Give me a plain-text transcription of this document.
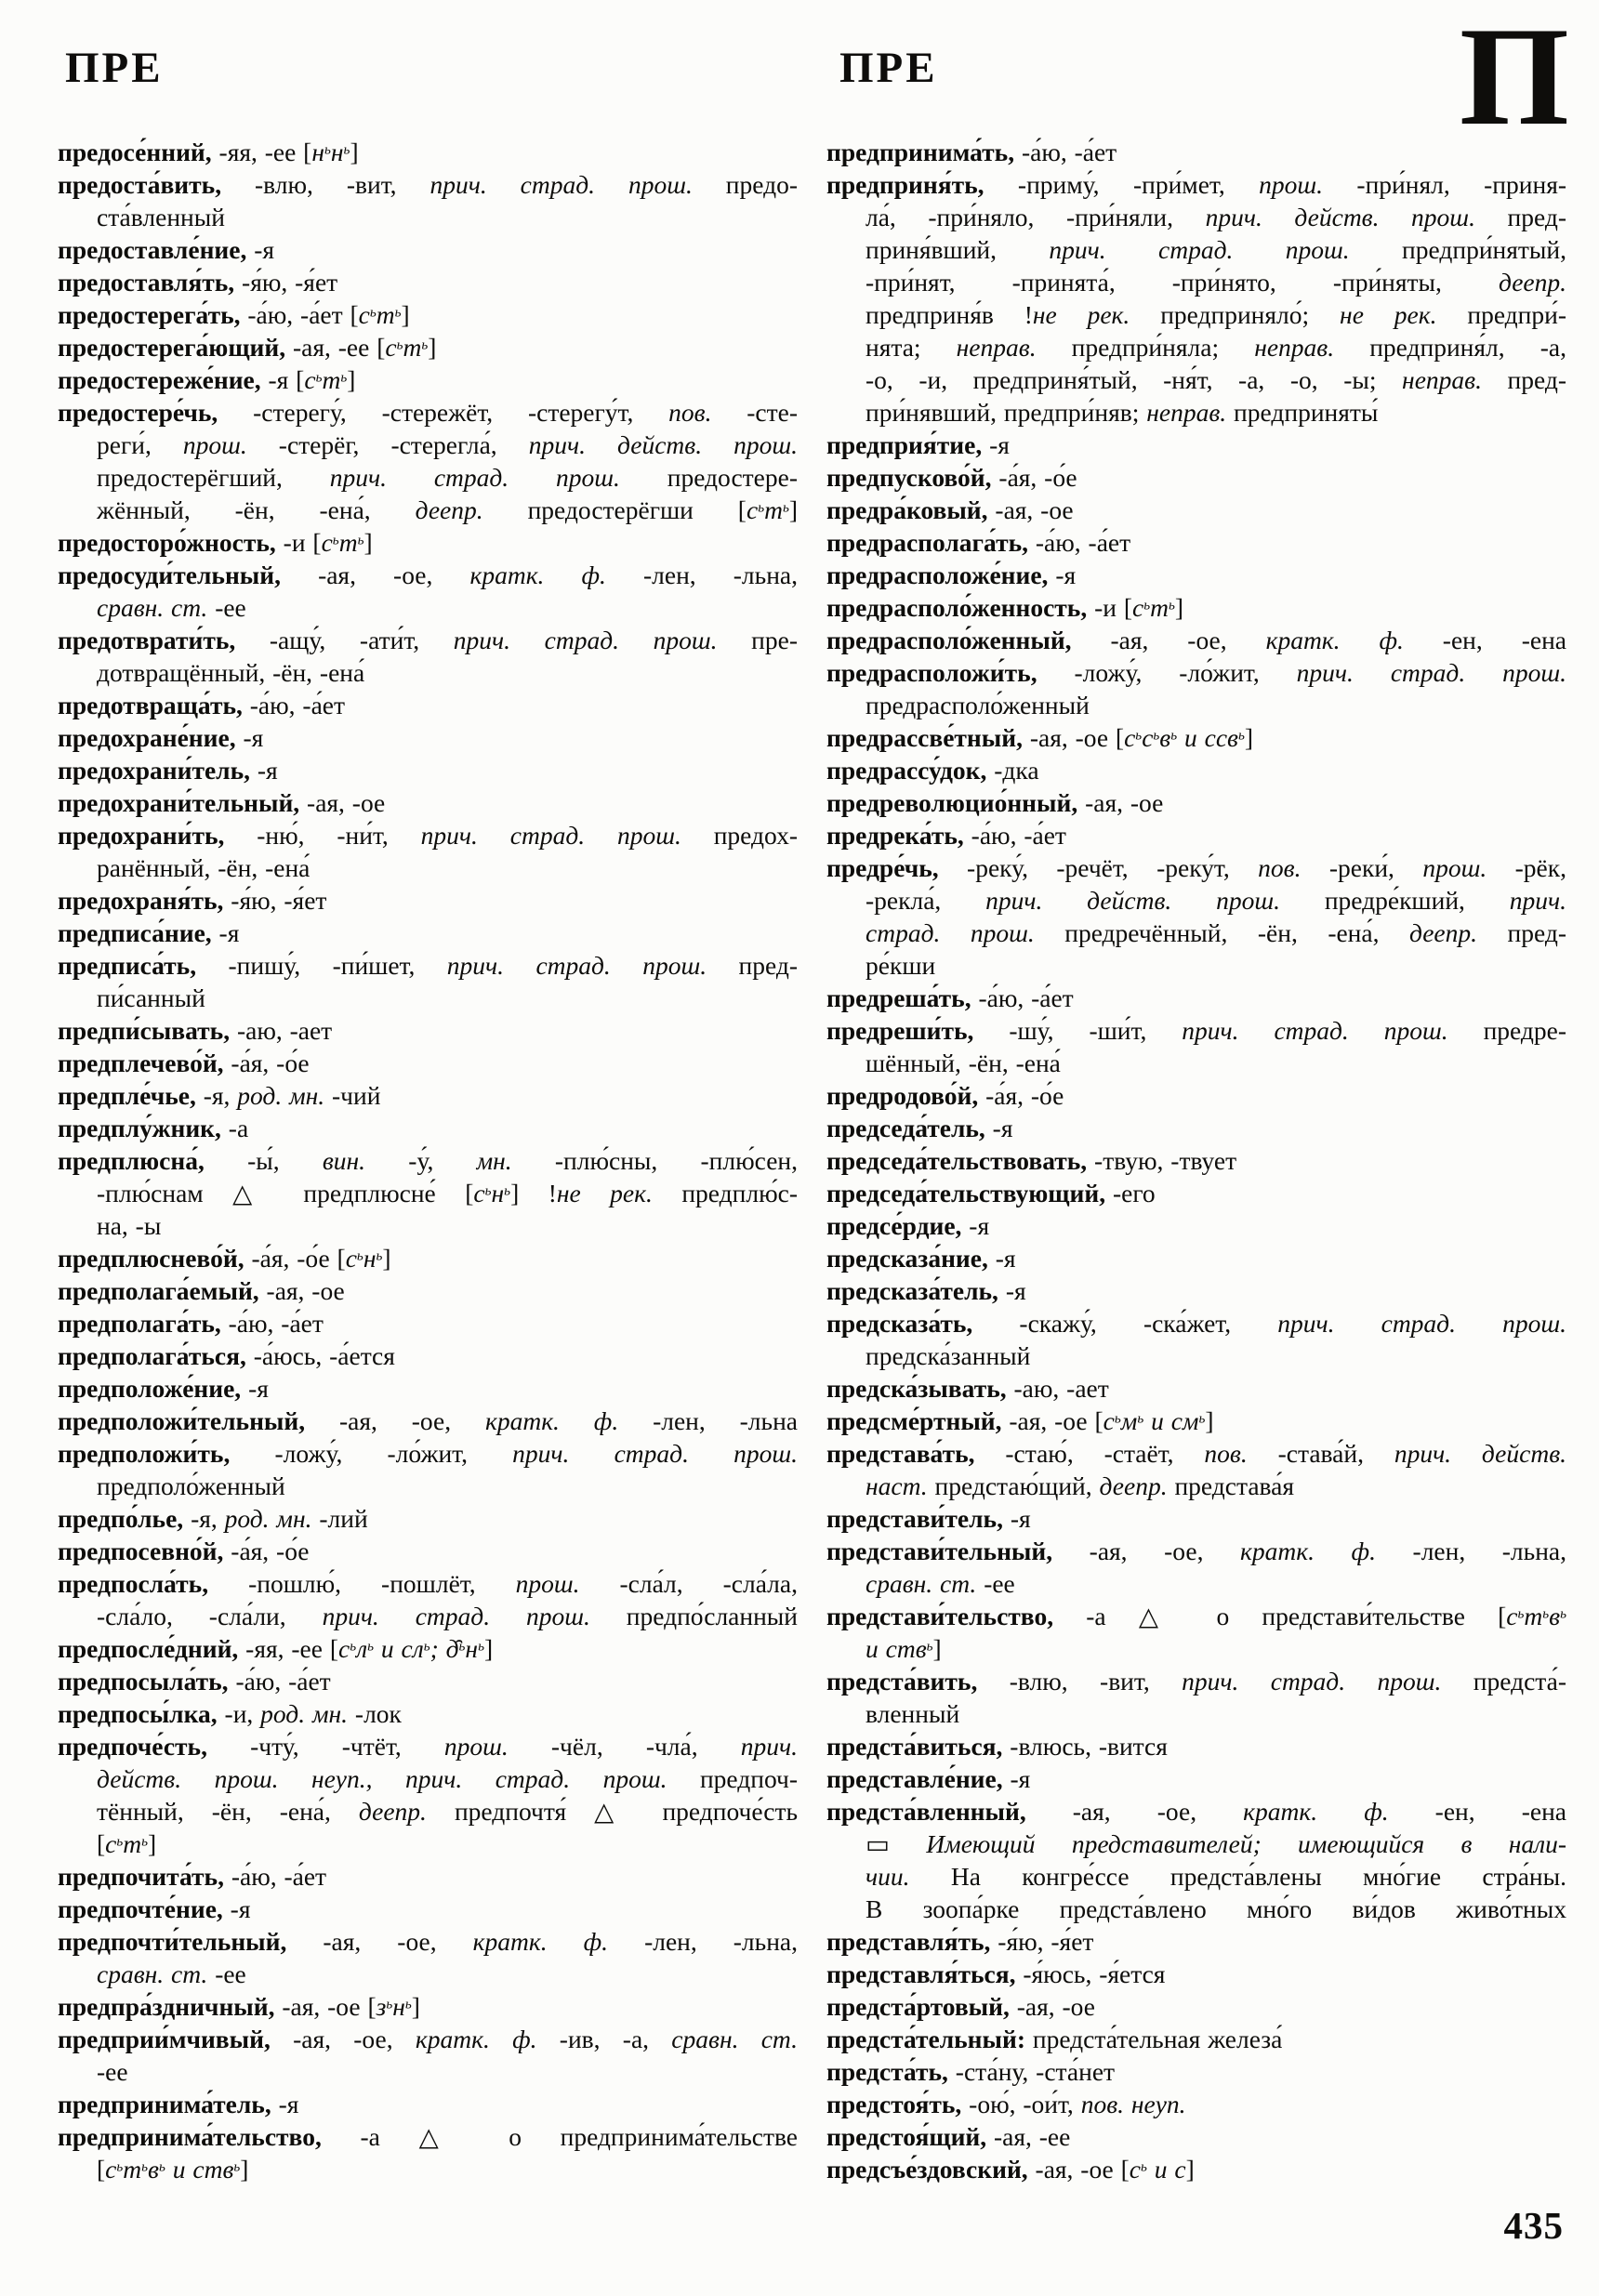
ПРЕ	ПРЕ	П
предосе́нний, -яя, -ее $[н^ьн^ь]$
предоста́вить, -влю, -вит, прич. страд. прош. предо-
ста́вленный
предоставле́ние, -я
предоставля́ть, -я́ю, -я́ет
предостерега́ть, -а́ю, -а́ет $[с^ьт^ь]$
предостерега́ющий, -ая, -ее $[с^ьт^ь]$
предостереже́ние, -я $[с^ьт^ь]$
предостере́чь, -стерегу́, -стережёт, -стерегу́т, пов. -сте-
реги́, прош. -стерёг, -стерегла́, прич. действ. прош.
предостерёгший, прич. страд. прош. предостере-
жённый, -ён, -ена́, деепр. предостерёгши $[с^ьт^ь]$
предосторо́жность, -и $[с^ьт^ь]$
предосуди́тельный, -ая, -ое, кратк. ф. -лен, -льна,
сравн. ст. -ее
предотврати́ть, -ащу́, -ати́т, прич. страд. прош. пре-
дотвращённый, -ён, -ена́
предотвраща́ть, -а́ю, -а́ет
предохране́ние, -я
предохрани́тель, -я
предохрани́тельный, -ая, -ое
предохрани́ть, -ню́, -ни́т, прич. страд. прош. предох-
ранённый, -ён, -ена́
предохраня́ть, -я́ю, -я́ет
предписа́ние, -я
предписа́ть, -пишу́, -пи́шет, прич. страд. прош. пред-
пи́санный
предпи́сывать, -аю, -ает
предплечево́й, -а́я, -о́е
предпле́чье, -я, род. мн. -чий
предплу́жник, -а
предплюсна́, -ы́, вин. -у́, мн. -плю́сны, -плю́сен,
-плю́снам △ предплюсне́ $[с^ьн^ь]$ !не рек. предплю́с-
на, -ы
предплюснево́й, -а́я, -о́е $[с^ьн^ь]$
предполага́емый, -ая, -ое
предполага́ть, -а́ю, -а́ет
предполага́ться, -а́юсь, -а́ется
предположе́ние, -я
предположи́тельный, -ая, -ое, кратк. ф. -лен, -льна
предположи́ть, -ложу́, -ло́жит, прич. страд. прош.
предполо́женный
предпо́лье, -я, род. мн. -лий
предпосевно́й, -а́я, -о́е
предпосла́ть, -пошлю́, -пошлёт, прош. -сла́л, -сла́ла,
-сла́ло, -сла́ли, прич. страд. прош. предпо́сланный
предпосле́дний, -яя, -ее [$с^ьл^ь$ и $сл^ь$; $д̑^ьн^ь$]
предпосыла́ть, -а́ю, -а́ет
предпосы́лка, -и, род. мн. -лок
предпоче́сть, -чту́, -чтёт, прош. -чёл, -чла́, прич.
действ. прош. неуп., прич. страд. прош. предпоч-
тённый, -ён, -ена́, деепр. предпочтя́ △ предпоче́сть
$[с^ьт^ь]$
предпочита́ть, -а́ю, -а́ет
предпочте́ние, -я
предпочти́тельный, -ая, -ое, кратк. ф. -лен, -льна,
сравн. ст. -ее
предпра́здничный, -ая, -ое $[з^ьн^ь]$
предприи́мчивый, -ая, -ое, кратк. ф. -ив, -а, сравн. ст.
-ее
предпринима́тель, -я
предпринима́тельство, -а △ о предпринима́тельстве
[$с^ьт^ьв^ь$ и ств$^ь$]
предпринима́ть, -а́ю, -а́ет
предприня́ть, -приму́, -при́мет, прош. -при́нял, -приня-
ла́, -при́няло, -при́няли, прич. действ. прош. пред-
приня́вший, прич. страд. прош. предпри́нятый,
-при́нят, -принята́, -при́нято, -при́няты, деепр.
предприня́в !не рек. предприняло́; не рек. предпри́-
нята; неправ. предпри́няла; неправ. предприня́л, -а,
-о, -и, предприня́тый, -ня́т, -а, -о, -ы; неправ. пред-
при́нявший, предпри́няв; неправ. предприняты́
предприя́тие, -я
предпусково́й, -а́я, -о́е
предра́ковый, -ая, -ое
предрасполага́ть, -а́ю, -а́ет
предрасположе́ние, -я
предрасполо́женность, -и $[с^ьт^ь]$
предрасполо́женный, -ая, -ое, кратк. ф. -ен, -ена
предрасположи́ть, -ложу́, -ло́жит, прич. страд. прош.
предрасполо́женный
предрассве́тный, -ая, -ое [$с^ьс^ьв^ь$ и ссв$^ь$]
предрассу́док, -дка
предреволюцио́нный, -ая, -ое
предрека́ть, -а́ю, -а́ет
предре́чь, -реку́, -речёт, -реку́т, пов. -реки́, прош. -рёк,
-рекла́, прич. действ. прош. предре́кший, прич.
страд. прош. предречённый, -ён, -ена́, деепр. пред-
ре́кши
предреша́ть, -а́ю, -а́ет
предреши́ть, -шу́, -ши́т, прич. страд. прош. предре-
шённый, -ён, -ена́
предродово́й, -а́я, -о́е
председа́тель, -я
председа́тельствовать, -твую, -твует
председа́тельствующий, -его
предсе́рдие, -я
предсказа́ние, -я
предсказа́тель, -я
предсказа́ть, -скажу́, -ска́жет, прич. страд. прош.
предска́занный
предска́зывать, -аю, -ает
предсме́ртный, -ая, -ое [$с^ьм^ь$ и $см^ь$]
представа́ть, -стаю́, -стаёт, пов. -става́й, прич. действ.
наст. предстаю́щий, деепр. представа́я
представи́тель, -я
представи́тельный, -ая, -ое, кратк. ф. -лен, -льна,
сравн. ст. -ее
представи́тельство, -а △ о представи́тельстве [$с^ьт^ьв^ь$
и ств$^ь$]
предста́вить, -влю, -вит, прич. страд. прош. предста́-
вленный
предста́виться, -влюсь, -вится
представле́ние, -я
предста́вленный, -ая, -ое, кратк. ф. -ен, -ена
▭ Имеющий представителей; имеющийся в нали-
чии. На конгре́ссе предста́влены мно́гие стра́ны.
В зоопа́рке предста́влено мно́го ви́дов живо́тных
представля́ть, -я́ю, -я́ет
представля́ться, -я́юсь, -я́ется
предста́ртовый, -ая, -ое
предста́тельный: предста́тельная железа́
предста́ть, -ста́ну, -ста́нет
предстоя́ть, -ою́, -ои́т, пов. неуп.
предстоя́щий, -ая, -ее
предсъе́здовский, -ая, -ое [$с^ь$ и с]
435
